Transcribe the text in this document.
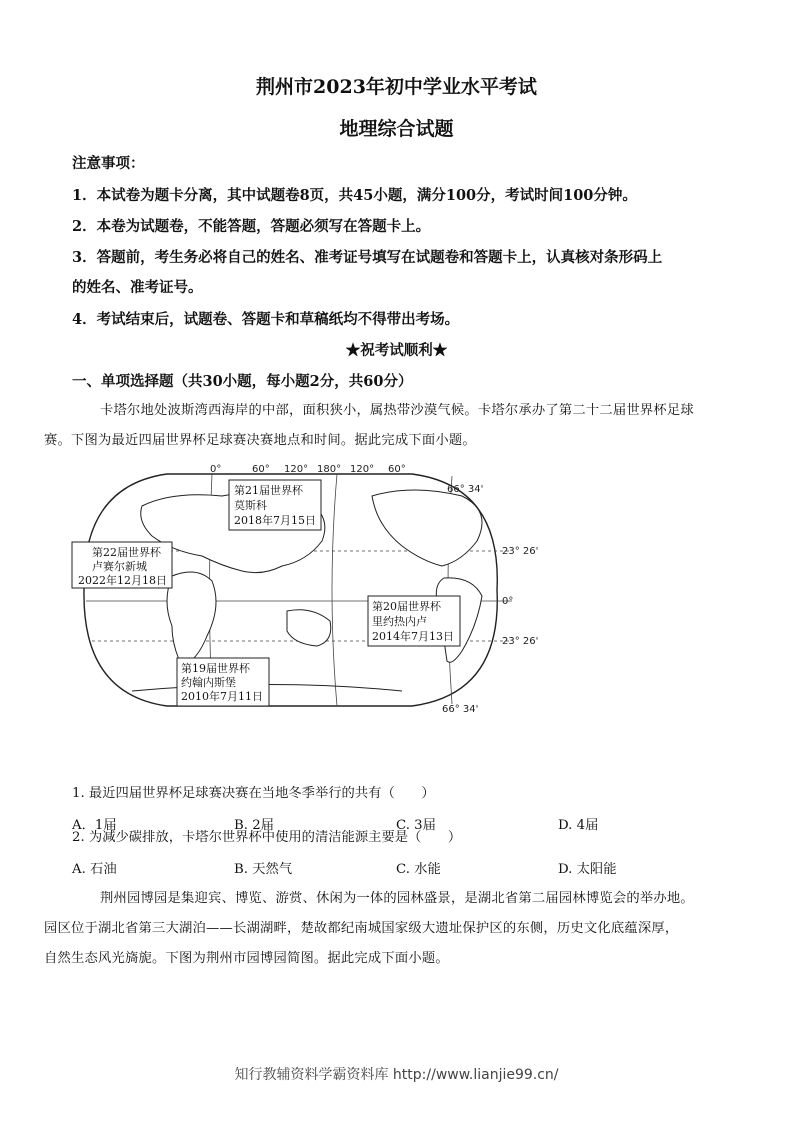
荆州市2023年初中学业水平考试
地理综合试题
注意事项：
1．本试卷为题卡分离，其中试题卷8页，共45小题，满分100分，考试时间100分钟。
2．本卷为试题卷，不能答题，答题必须写在答题卡上。
3．答题前，考生务必将自己的姓名、准考证号填写在试题卷和答题卡上，认真核对条形码上
的姓名、准考证号。
4．考试结束后，试题卷、答题卡和草稿纸均不得带出考场。
★祝考试顺利★
一、单项选择题（共30小题，每小题2分，共60分）
卡塔尔地处波斯湾西海岸的中部，面积狭小，属热带沙漠气候。卡塔尔承办了第二十二届世界杯足球
赛。下图为最近四届世界杯足球赛决赛地点和时间。据此完成下面小题。
0°	60° 120° 180° 120° 60°
66° 34'
23° 26'
0°
23° 26'
66° 34'
第21届世界杯
莫斯科
2018年7月15日
第22届世界杯
卢赛尔新城
2022年12月18日
第20届世界杯
里约热内卢
2014年7月13日
第19届世界杯
约翰内斯堡
2010年7月11日
1. 最近四届世界杯足球赛决赛在当地冬季举行的共有（　　）
A．1届	B. 2届	C. 3届	D. 4届
2. 为减少碳排放，卡塔尔世界杯中使用的清洁能源主要是（　　）
A. 石油	B. 天然气	C. 水能	D. 太阳能
荆州园博园是集迎宾、博览、游赏、休闲为一体的园林盛景，是湖北省第二届园林博览会的举办地。
园区位于湖北省第三大湖泊——长湖湖畔，楚故都纪南城国家级大遗址保护区的东侧，历史文化底蕴深厚，
自然生态风光旖旎。下图为荆州市园博园简图。据此完成下面小题。
知行教辅资料学霸资料库 http://www.lianjie99.cn/
